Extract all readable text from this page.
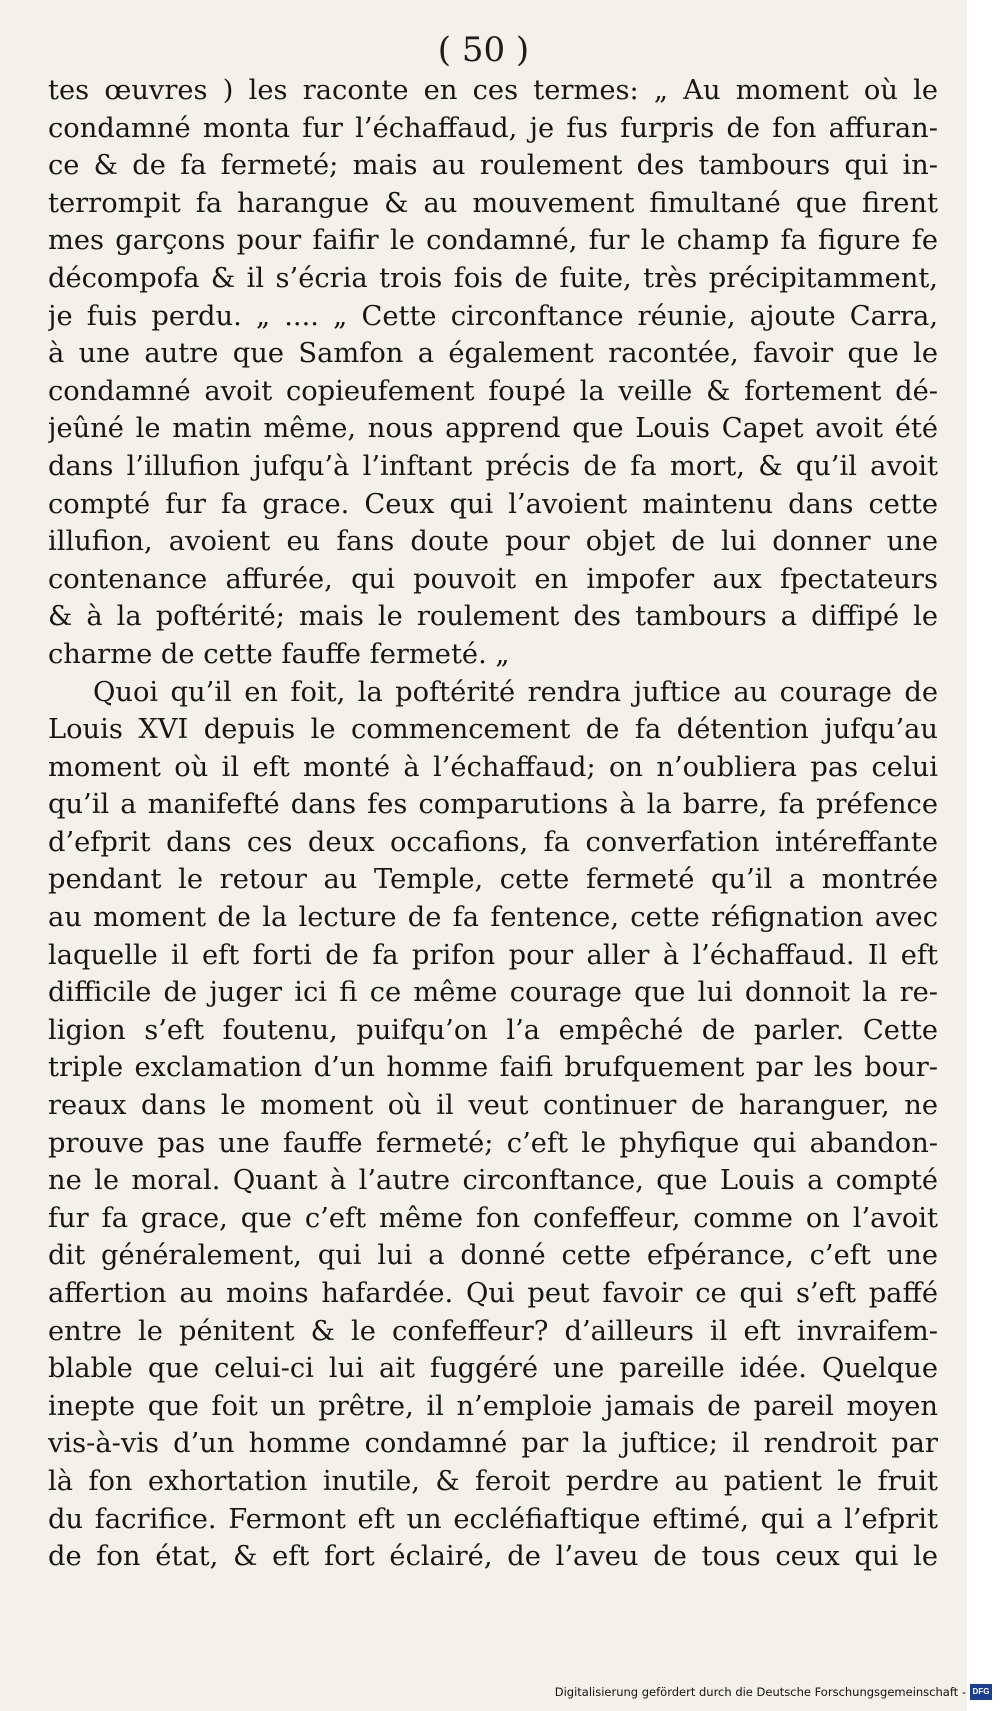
( 50 )
tes œuvres ) les raconte en ces termes: „ Au moment où le
condamné monta fur l’échaffaud, je fus furpris de fon affuran-
ce & de fa fermeté; mais au roulement des tambours qui in-
terrompit fa harangue & au mouvement fimultané que firent
mes garçons pour faifir le condamné, fur le champ fa figure fe
décompofa & il s’écria trois fois de fuite, très précipitamment,
je fuis perdu. „ .... „ Cette circonftance réunie, ajoute Carra,
à une autre que Samfon a également racontée, favoir que le
condamné avoit copieufement foupé la veille & fortement dé-
jeûné le matin même, nous apprend que Louis Capet avoit été
dans l’illufion jufqu’à l’inftant précis de fa mort, & qu’il avoit
compté fur fa grace. Ceux qui l’avoient maintenu dans cette
illufion, avoient eu fans doute pour objet de lui donner une
contenance affurée, qui pouvoit en impofer aux fpectateurs
& à la poftérité; mais le roulement des tambours a diffipé le
charme de cette fauffe fermeté. „
Quoi qu’il en foit, la poftérité rendra juftice au courage de
Louis XVI depuis le commencement de fa détention jufqu’au
moment où il eft monté à l’échaffaud; on n’oubliera pas celui
qu’il a manifefté dans fes comparutions à la barre, fa préfence
d’efprit dans ces deux occafions, fa converfation intéreffante
pendant le retour au Temple, cette fermeté qu’il a montrée
au moment de la lecture de fa fentence, cette réfignation avec
laquelle il eft forti de fa prifon pour aller à l’échaffaud. Il eft
difficile de juger ici fi ce même courage que lui donnoit la re-
ligion s’eft foutenu, puifqu’on l’a empêché de parler. Cette
triple exclamation d’un homme faifi brufquement par les bour-
reaux dans le moment où il veut continuer de haranguer, ne
prouve pas une fauffe fermeté; c’eft le phyfique qui abandon-
ne le moral. Quant à l’autre circonftance, que Louis a compté
fur fa grace, que c’eft même fon confeffeur, comme on l’avoit
dit généralement, qui lui a donné cette efpérance, c’eft une
affertion au moins hafardée. Qui peut favoir ce qui s’eft paffé
entre le pénitent & le confeffeur? d’ailleurs il eft invraifem-
blable que celui-ci lui ait fuggéré une pareille idée. Quelque
inepte que foit un prêtre, il n’emploie jamais de pareil moyen
vis-à-vis d’un homme condamné par la juftice; il rendroit par
là fon exhortation inutile, & feroit perdre au patient le fruit
du facrifice. Fermont eft un eccléfiaftique eftimé, qui a l’efprit
de fon état, & eft fort éclairé, de l’aveu de tous ceux qui le
Digitalisierung gefördert durch die Deutsche Forschungsgemeinschaft - DFG
